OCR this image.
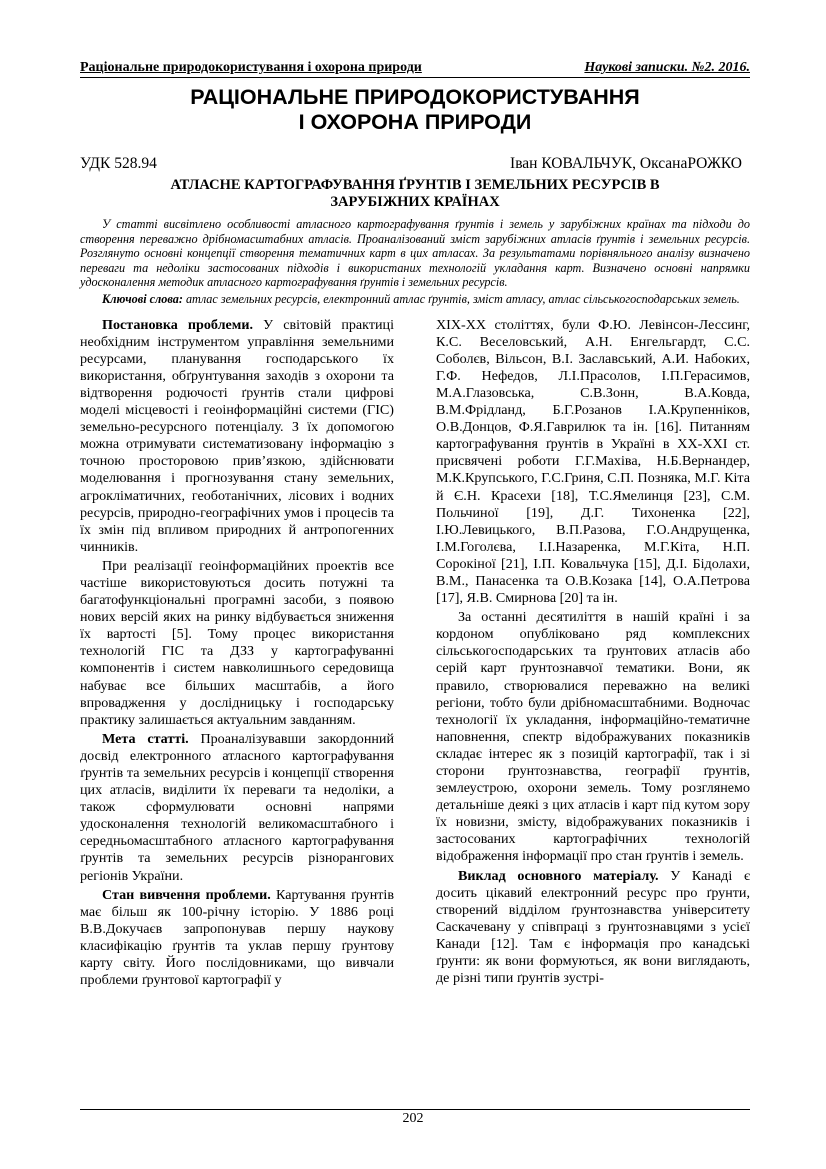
Раціональне природокористування і охорона природи	Наукові записки. №2. 2016.
РАЦІОНАЛЬНЕ ПРИРОДОКОРИСТУВАННЯ
І ОХОРОНА ПРИРОДИ
УДК 528.94	Іван КОВАЛЬЧУК, ОксанаРОЖКО
АТЛАСНЕ КАРТОГРАФУВАННЯ ҐРУНТІВ І ЗЕМЕЛЬНИХ РЕСУРСІВ В ЗАРУБІЖНИХ КРАЇНАХ
У статті висвітлено особливості атласного картографування ґрунтів і земель у зарубіжних країнах та підходи до створення переважно дрібномасштабних атласів. Проаналізований зміст зарубіжних атласів ґрунтів і земельних ресурсів. Розглянуто основні концепції створення тематичних карт в цих атласах. За результатами порівняльного аналізу визначено переваги та недоліки застосованих підходів і використаних технологій укладання карт. Визначено основні напрямки удосконалення методик атласного картографування ґрунтів і земельних ресурсів.
Ключові слова: атлас земельних ресурсів, електронний атлас ґрунтів, зміст атласу, атлас сільськогосподарських земель.

Постановка проблеми. У світовій практиці необхідним інструментом управління земельними ресурсами, планування господарського їх використання, обґрунтування заходів з охорони та відтворення родючості ґрунтів стали цифрові моделі місцевості і геоінформаційні системи (ГІС) земельно-ресурсного потенціалу. З їх допомогою можна отримувати систематизовану інформацію з точною просторовою прив’язкою, здійснювати моделювання і прогнозування стану земельних, агрокліматичних, геоботанічних, лісових і водних ресурсів, природно-географічних умов і процесів та їх змін під впливом природних й антропогенних чинників.

При реалізації геоінформаційних проектів все частіше використовуються досить потужні та багатофункціональні програмні засоби, з появою нових версій яких на ринку відбувається зниження їх вартості [5]. Тому процес використання технологій ГІС та ДЗЗ у картографуванні компонентів і систем навколишнього середовища набуває все більших масштабів, а його впровадження у дослідницьку і господарську практику залишається актуальним завданням.

Мета статті. Проаналізувавши закордонний досвід електронного атласного картографування ґрунтів та земельних ресурсів і концепції створення цих атласів, виділити їх переваги та недоліки, а також сформулювати основні напрями удосконалення технологій великомасштабного і середньомасштабного атласного картографування ґрунтів та земельних ресурсів різнорангових регіонів України.

Стан вивчення проблеми. Картування ґрунтів має більш як 100-річну історію. У 1886 році В.В.Докучаєв запропонував першу наукову класифікацію ґрунтів та уклав першу ґрунтову карту світу. Його послідовниками, що вивчали проблеми ґрунтової картографії у

XIX-XX століттях, були Ф.Ю. Левінсон-Лессинг, К.С. Веселовський, А.Н. Енгельгардт, С.С. Соболєв, Вільсон, В.І. Заславський, А.И. Набоких, Г.Ф. Нефедов, Л.І.Прасолов, І.П.Герасимов, М.А.Глазовська, С.В.Зонн, В.А.Ковда, В.М.Фрідланд, Б.Г.Розанов І.А.Крупенніков, О.В.Донцов, Ф.Я.Гаврилюк та ін. [16]. Питанням картографування ґрунтів в Україні в ХХ-ХХІ ст. присвячені роботи Г.Г.Махіва, Н.Б.Вернандер, М.К.Крупського, Г.С.Гриня, С.П. Позняка, М.Г. Кіта й Є.Н. Красехи [18], Т.С.Ямелинця [23], С.М. Польчиної [19], Д.Г. Тихоненка [22], І.Ю.Левицького, В.П.Разова, Г.О.Андрущенка, І.М.Гоголєва, І.І.Назаренка, М.Г.Кіта, Н.П. Сорокіної [21], І.П. Ковальчука [15], Д.І. Бідолахи, В.М., Панасенка та О.В.Козака [14], О.А.Петрова [17], Я.В. Смирнова [20] та ін.

За останні десятиліття в нашій країні і за кордоном опубліковано ряд комплексних сільськогосподарських та ґрунтових атласів або серій карт ґрунтознавчої тематики. Вони, як правило, створювалися переважно на великі регіони, тобто були дрібномасштабними. Водночас технології їх укладання, інформаційно-тематичне наповнення, спектр відображуваних показників складає інтерес як з позицій картографії, так і зі сторони ґрунтознавства, географії ґрунтів, землеустрою, охорони земель. Тому розглянемо детальніше деякі з цих атласів і карт під кутом зору їх новизни, змісту, відображуваних показників і застосованих картографічних технологій відображення інформації про стан ґрунтів і земель.

Виклад основного матеріалу. У Канаді є досить цікавий електронний ресурс про ґрунти, створений відділом ґрунтознавства університету Саскачевану у співпраці з ґрунтознавцями з усієї Канади [12]. Там є інформація про канадські ґрунти: як вони формуються, як вони виглядають, де різні типи ґрунтів зустрі-

202
